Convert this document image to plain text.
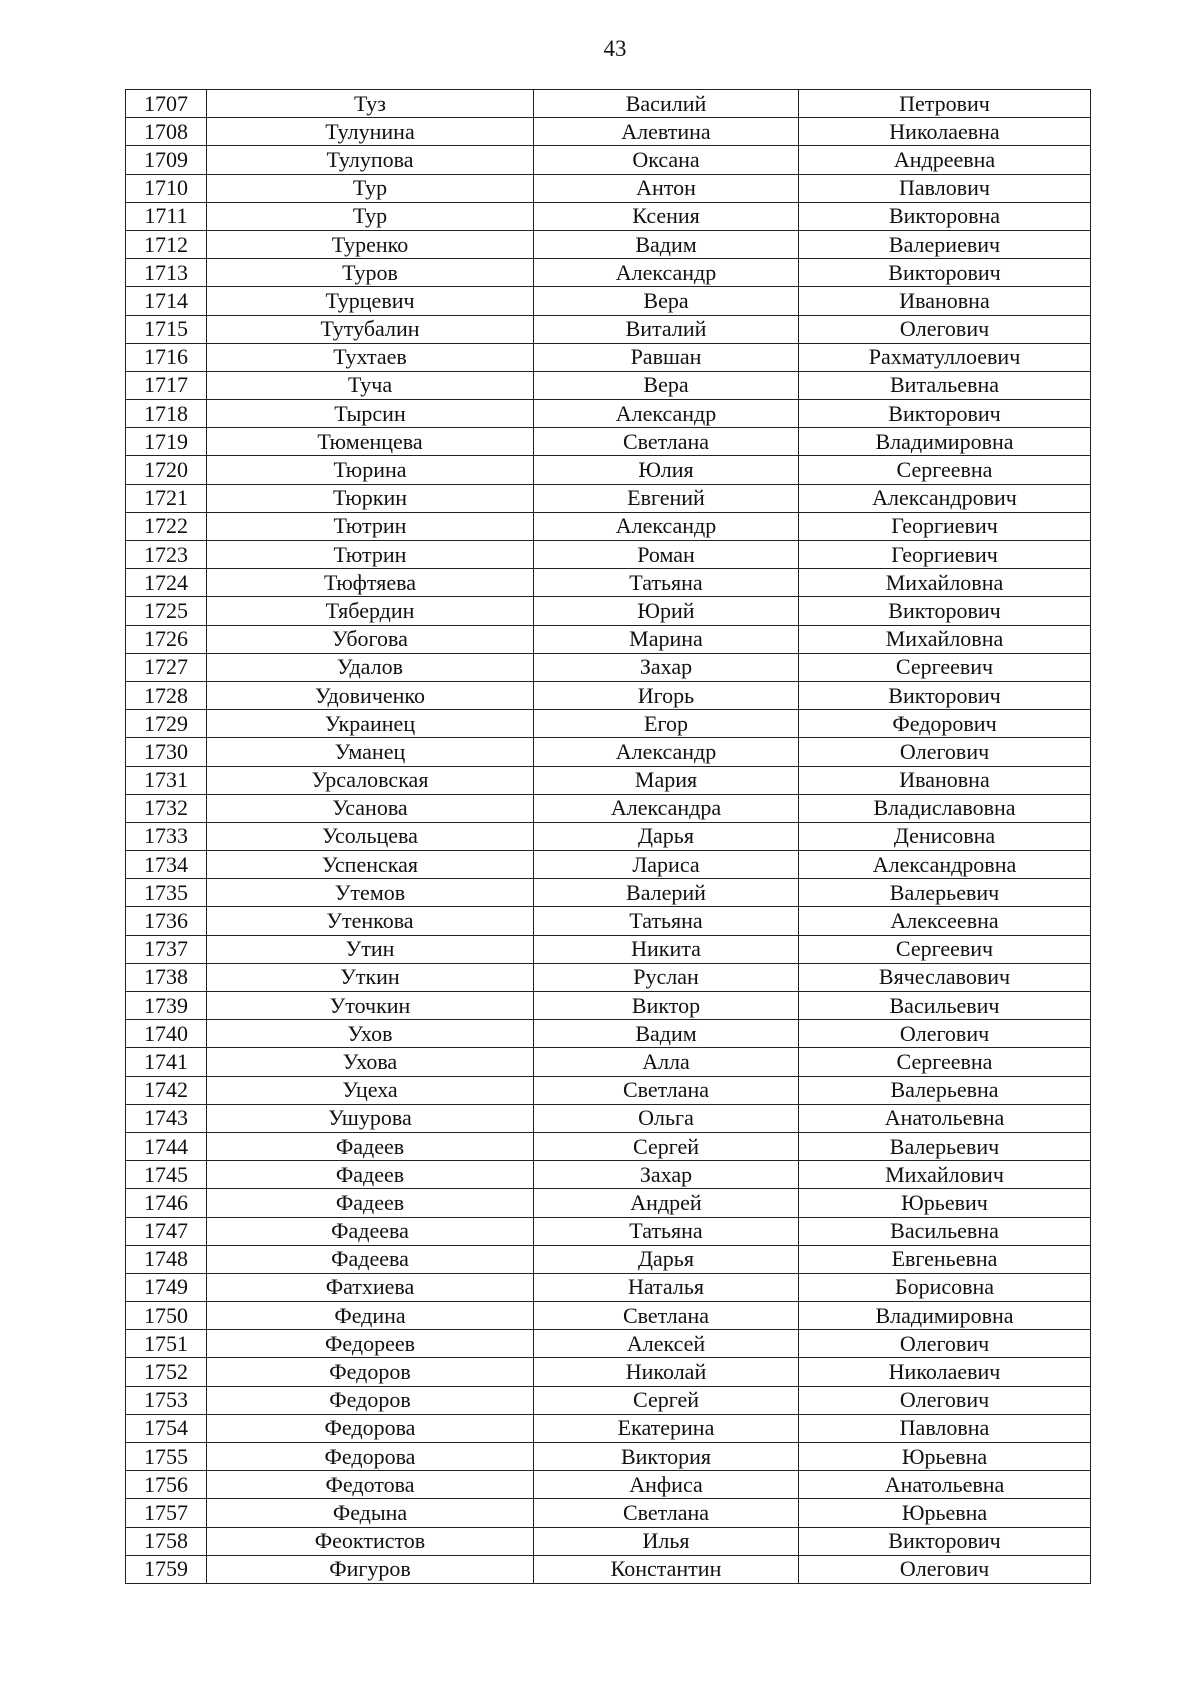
43
1707	Туз	Василий	Петрович
1708	Тулунина	Алевтина	Николаевна
1709	Тулупова	Оксана	Андреевна
1710	Тур	Антон	Павлович
1711	Тур	Ксения	Викторовна
1712	Туренко	Вадим	Валериевич
1713	Туров	Александр	Викторович
1714	Турцевич	Вера	Ивановна
1715	Тутубалин	Виталий	Олегович
1716	Тухтаев	Равшан	Рахматуллоевич
1717	Туча	Вера	Витальевна
1718	Тырсин	Александр	Викторович
1719	Тюменцева	Светлана	Владимировна
1720	Тюрина	Юлия	Сергеевна
1721	Тюркин	Евгений	Александрович
1722	Тютрин	Александр	Георгиевич
1723	Тютрин	Роман	Георгиевич
1724	Тюфтяева	Татьяна	Михайловна
1725	Тябердин	Юрий	Викторович
1726	Убогова	Марина	Михайловна
1727	Удалов	Захар	Сергеевич
1728	Удовиченко	Игорь	Викторович
1729	Украинец	Егор	Федорович
1730	Уманец	Александр	Олегович
1731	Урсаловская	Мария	Ивановна
1732	Усанова	Александра	Владиславовна
1733	Усольцева	Дарья	Денисовна
1734	Успенская	Лариса	Александровна
1735	Утемов	Валерий	Валерьевич
1736	Утенкова	Татьяна	Алексеевна
1737	Утин	Никита	Сергеевич
1738	Уткин	Руслан	Вячеславович
1739	Уточкин	Виктор	Васильевич
1740	Ухов	Вадим	Олегович
1741	Ухова	Алла	Сергеевна
1742	Уцеха	Светлана	Валерьевна
1743	Ушурова	Ольга	Анатольевна
1744	Фадеев	Сергей	Валерьевич
1745	Фадеев	Захар	Михайлович
1746	Фадеев	Андрей	Юрьевич
1747	Фадеева	Татьяна	Васильевна
1748	Фадеева	Дарья	Евгеньевна
1749	Фатхиева	Наталья	Борисовна
1750	Федина	Светлана	Владимировна
1751	Федореев	Алексей	Олегович
1752	Федоров	Николай	Николаевич
1753	Федоров	Сергей	Олегович
1754	Федорова	Екатерина	Павловна
1755	Федорова	Виктория	Юрьевна
1756	Федотова	Анфиса	Анатольевна
1757	Федына	Светлана	Юрьевна
1758	Феоктистов	Илья	Викторович
1759	Фигуров	Константин	Олегович
